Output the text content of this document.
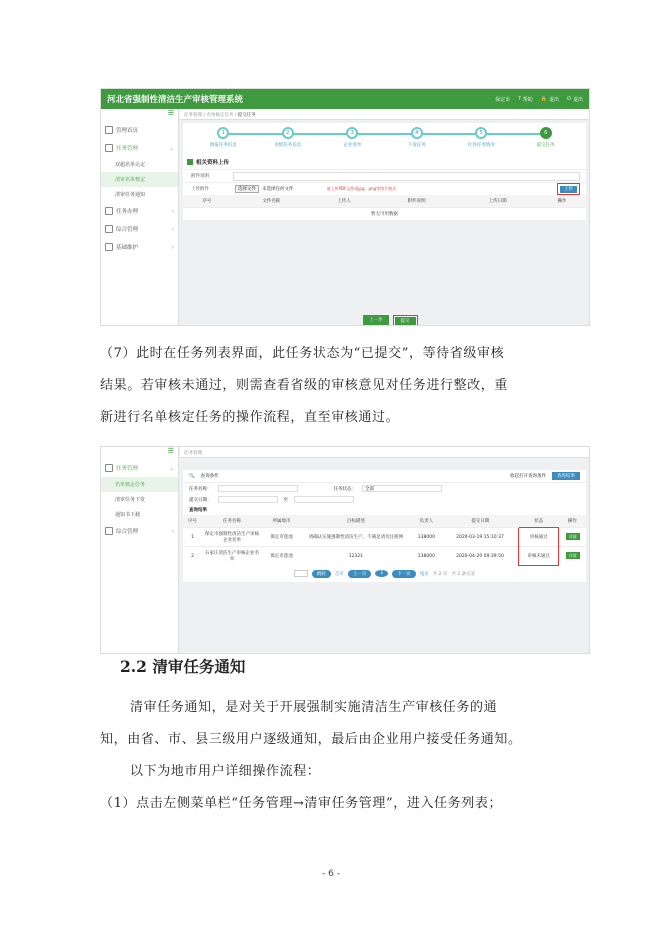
河北省强制性清洁生产审核管理系统	保定市 ? 帮助 🔒 退出 ⏻ 退出
☰
管理首页
任务管理	⌄
双超名单认定
清审名单核定
清审任务通知
任务办理	›
综合管理	›
基础维护	›
任务管理 / 名单核定任务 / 提交任务
1
填报任务信息
2
市级任务信息
3
企业清单
4
下发任务
5
区县任务情况
6
提交任务
相关资料上传
附件说明
上传附件	选择文件	未选择任何文件	请上传PDF文件或jpg、png等图片格式	上传
序号	文件名称	上传人	附件说明	上传日期	操作
暂无可用数据
上一步	提交
（7）此时在任务列表界面，此任务状态为“已提交”，等待省级审核
结果。若审核未通过，则需查看省级的审核意见对任务进行整改，重
新进行名单核定任务的操作流程，直至审核通过。
☰
任务管理	⌄
名单核定任务
清审任务下发
通知书下载
综合管理	›
任务管理
🔍 查询条件	收起打开查询条件	查询结果
任务名称：	任务状态：	全部
提交日期：	至
查询结果
序号	任务名称	所属地市	目标描述	负责人	提交日期	状态	操作
1	保定市强制性清洁生产审核企业名单	保定市莲池	请确认实施强制性清洁生产，不满足请勿注册网	138000	2020-03-19 15:10:37	审核通过	详情
2	石家庄清洁生产审核企业名单	保定市莲池	12321	138000	2020-04-20 09:39:50	审核未通过	详情
跳转	首页	上一页	1	下一页	尾页 共 2 页 共 2 条记录
2.2 清审任务通知
清审任务通知，是对关于开展强制实施清洁生产审核任务的通
知，由省、市、县三级用户逐级通知，最后由企业用户接受任务通知。
以下为地市用户详细操作流程：
（1）点击左侧菜单栏“任务管理→清审任务管理”，进入任务列表；
- 6 -
